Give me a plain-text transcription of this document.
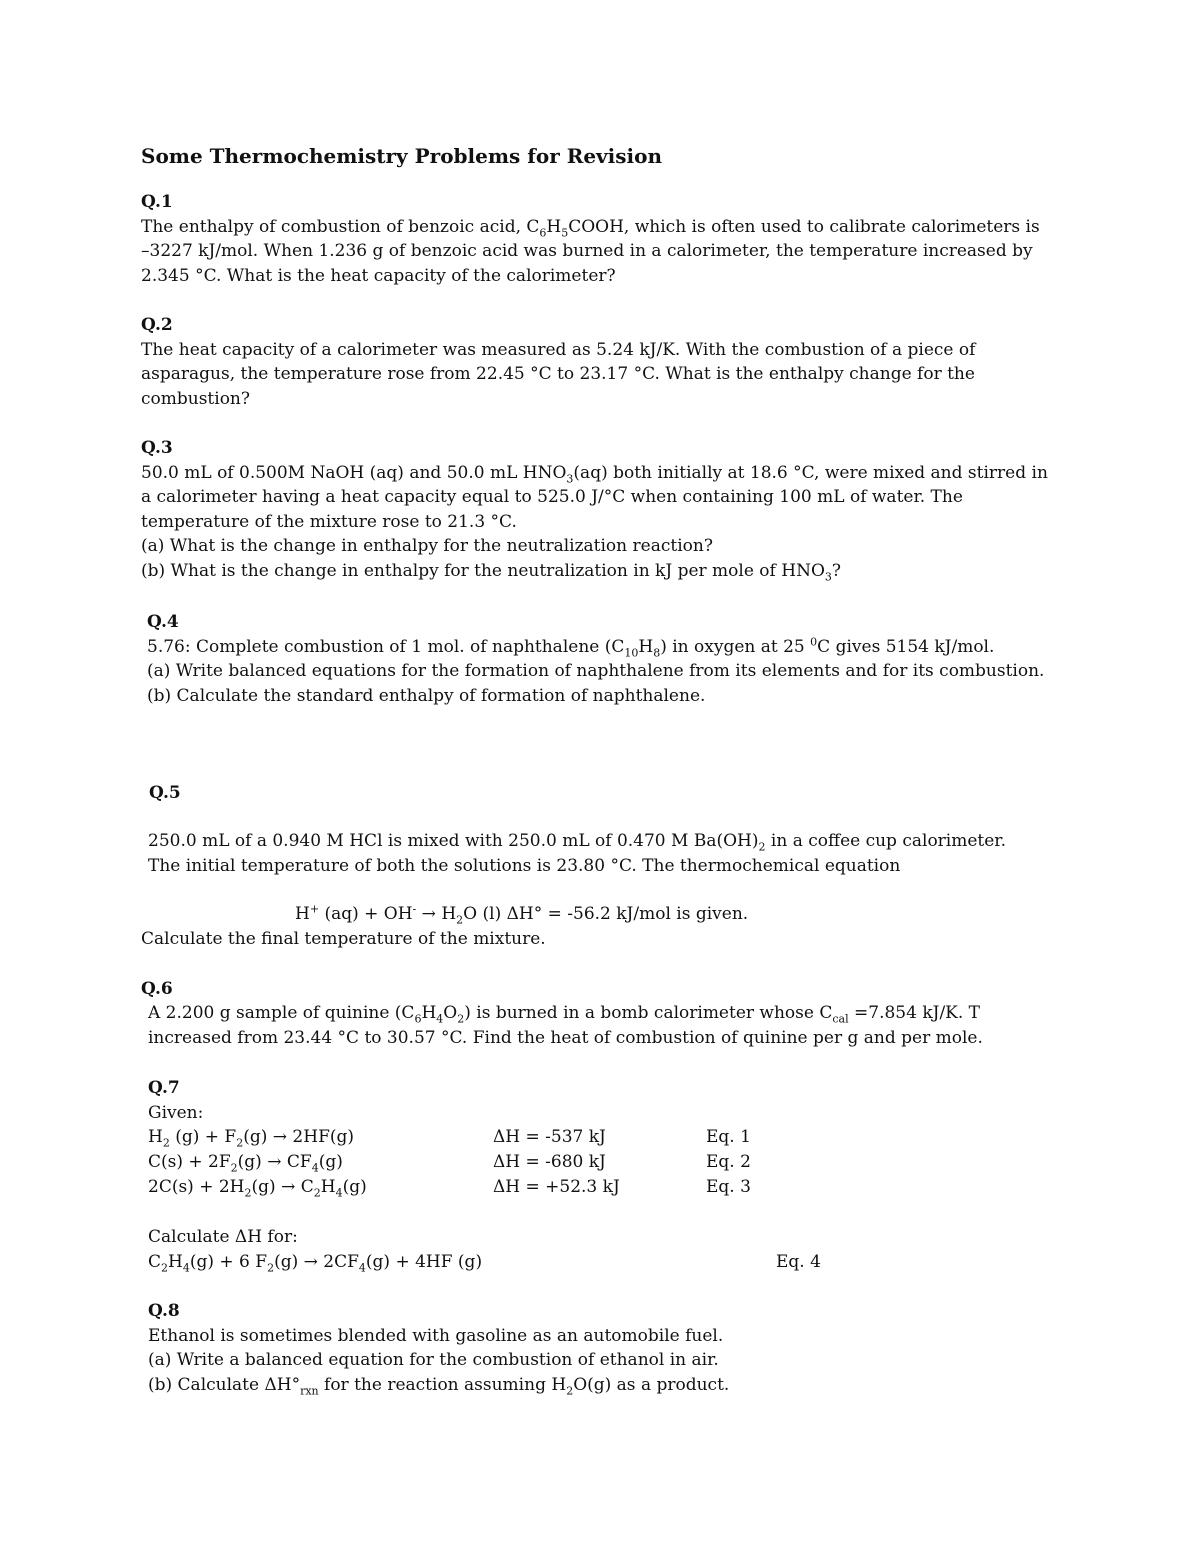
Some Thermochemistry Problems for Revision
Q.1
The enthalpy of combustion of benzoic acid, $C_6H_5COOH$, which is often used to calibrate calorimeters is
–3227 kJ/mol. When 1.236 g of benzoic acid was burned in a calorimeter, the temperature increased by
2.345 °C. What is the heat capacity of the calorimeter?
Q.2
The heat capacity of a calorimeter was measured as 5.24 kJ/K. With the combustion of a piece of
asparagus, the temperature rose from 22.45 °C to 23.17 °C. What is the enthalpy change for the
combustion?
Q.3
50.0 mL of 0.500M NaOH (aq) and 50.0 mL $HNO_3(aq)$ both initially at 18.6 °C, were mixed and stirred in
a calorimeter having a heat capacity equal to 525.0 J/°C when containing 100 mL of water. The
temperature of the mixture rose to 21.3 °C.
(a) What is the change in enthalpy for the neutralization reaction?
(b) What is the change in enthalpy for the neutralization in kJ per mole of $HNO_3$?
Q.4
5.76: Complete combustion of 1 mol. of naphthalene $(C_{10}H_8)$ in oxygen at 25 $^0$C gives 5154 kJ/mol.
(a) Write balanced equations for the formation of naphthalene from its elements and for its combustion.
(b) Calculate the standard enthalpy of formation of naphthalene.
Q.5
250.0 mL of a 0.940 M HCl is mixed with 250.0 mL of 0.470 M $Ba(OH)_2$ in a coffee cup calorimeter.
The initial temperature of both the solutions is 23.80 °C. The thermochemical equation
H+ $(aq) + OH^- \to H_2O$ (l) ΔH° = -56.2 kJ/mol is given.
Calculate the final temperature of the mixture.
Q.6
A 2.200 g sample of quinine $(C_6H_4O_2)$ is burned in a bomb calorimeter whose $C_{cal} =7.854$ kJ/K. T
increased from 23.44 °C to 30.57 °C. Find the heat of combustion of quinine per g and per mole.
Q.7
Given:
$H_2$ $(g) + F_2(g) \to 2HF(g)$	ΔH = -537 kJ	Eq. 1
$C(s) + 2F_2(g) \to CF_4(g)$	ΔH = -680 kJ	Eq. 2
$2C(s) + 2H_2(g) \to C_2H_4(g)$	ΔH = +52.3 kJ	Eq. 3
Calculate ΔH for:
$C_2H_4(g) + 6$ $F_2(g) \to 2CF_4(g) + 4HF$ (g)	Eq. 4
Q.8
Ethanol is sometimes blended with gasoline as an automobile fuel.
(a) Write a balanced equation for the combustion of ethanol in air.
(b) Calculate $\Delta H^\circ_{rxn}$ for the reaction assuming $H_2O(g)$ as a product.
